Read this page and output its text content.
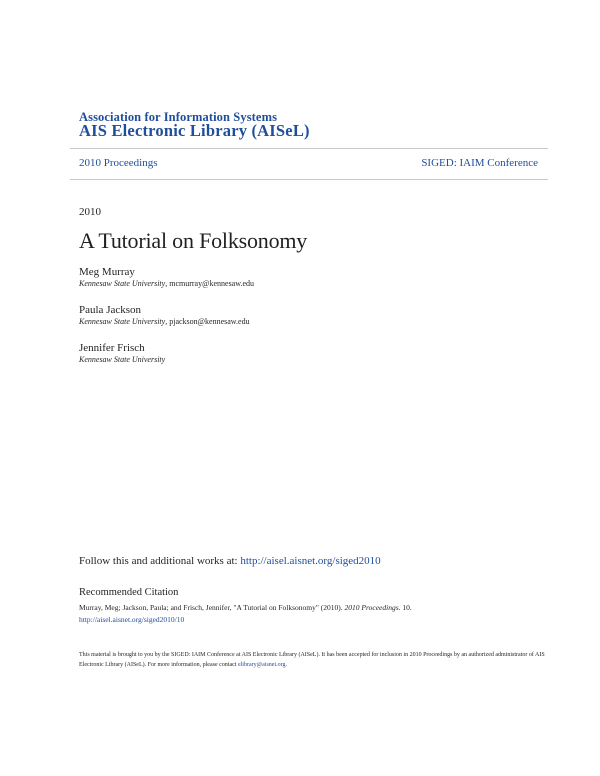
Association for Information Systems
AIS Electronic Library (AISeL)
2010 Proceedings	SIGED: IAIM Conference
2010
A Tutorial on Folksonomy
Meg Murray
Kennesaw State University, mcmurray@kennesaw.edu
Paula Jackson
Kennesaw State University, pjackson@kennesaw.edu
Jennifer Frisch
Kennesaw State University
Follow this and additional works at: http://aisel.aisnet.org/siged2010
Recommended Citation
Murray, Meg; Jackson, Paula; and Frisch, Jennifer, "A Tutorial on Folksonomy" (2010). 2010 Proceedings. 10.
http://aisel.aisnet.org/siged2010/10
This material is brought to you by the SIGED: IAIM Conference at AIS Electronic Library (AISeL). It has been accepted for inclusion in 2010 Proceedings by an authorized administrator of AIS Electronic Library (AISeL). For more information, please contact elibrary@aisnet.org.
